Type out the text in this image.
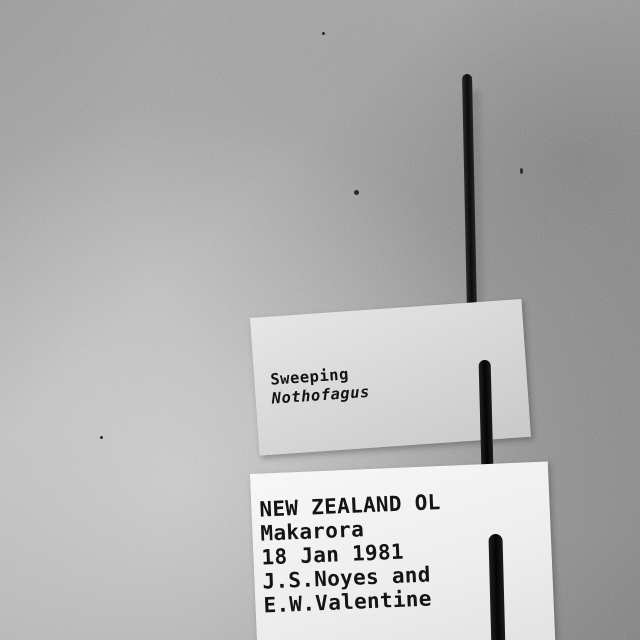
Sweeping
Nothofagus
NEW ZEALAND OL
Makarora
18 Jan 1981
J.S.Noyes and
E.W.Valentine
